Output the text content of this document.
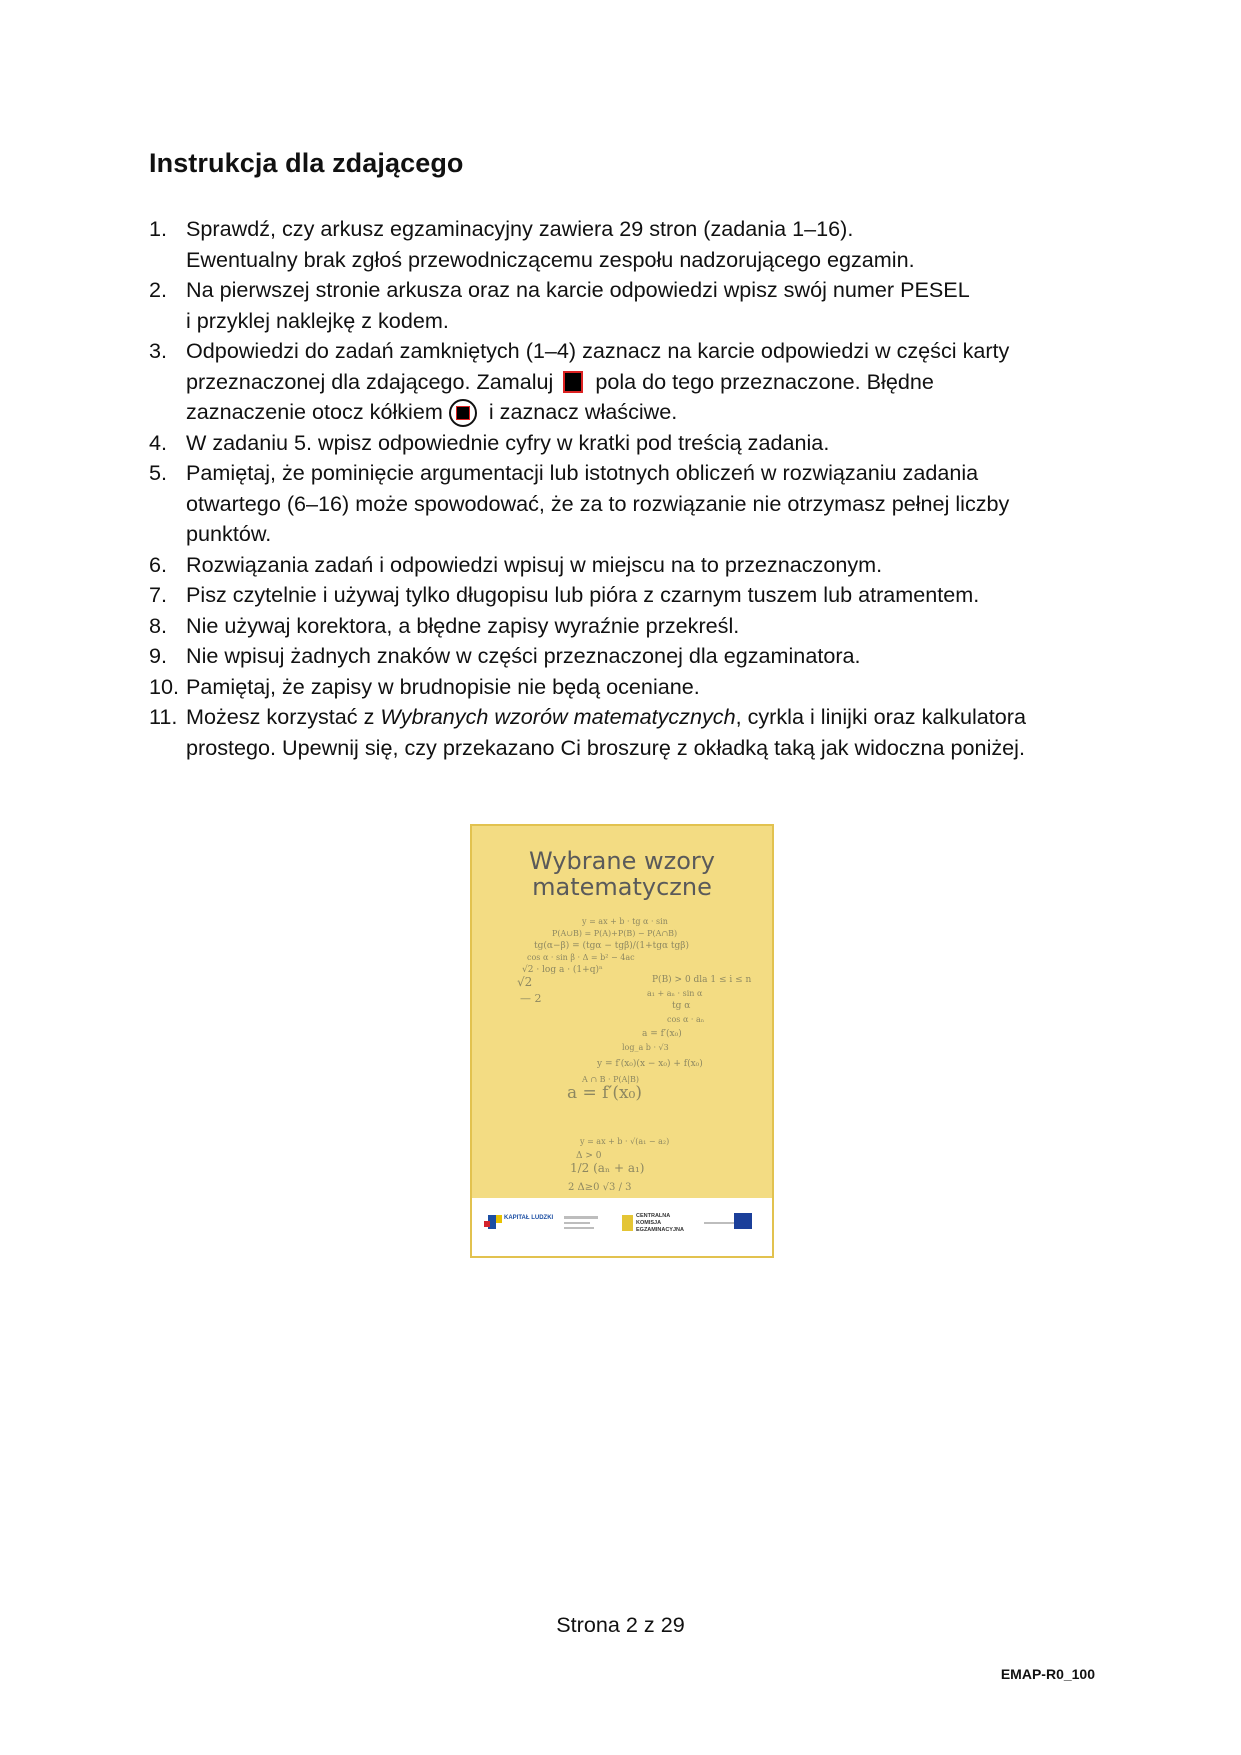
Instrukcja dla zdającego
1. Sprawdź, czy arkusz egzaminacyjny zawiera 29 stron (zadania 1–16).
Ewentualny brak zgłoś przewodniczącemu zespołu nadzorującego egzamin.
2. Na pierwszej stronie arkusza oraz na karcie odpowiedzi wpisz swój numer PESEL
i przyklej naklejkę z kodem.
3. Odpowiedzi do zadań zamkniętych (1–4) zaznacz na karcie odpowiedzi w części karty
przeznaczonej dla zdającego. Zamaluj pola do tego przeznaczone. Błędne
zaznaczenie otocz kółkiem i zaznacz właściwe.
4. W zadaniu 5. wpisz odpowiednie cyfry w kratki pod treścią zadania.
5. Pamiętaj, że pominięcie argumentacji lub istotnych obliczeń w rozwiązaniu zadania
otwartego (6–16) może spowodować, że za to rozwiązanie nie otrzymasz pełnej liczby
punktów.
6. Rozwiązania zadań i odpowiedzi wpisuj w miejscu na to przeznaczonym.
7. Pisz czytelnie i używaj tylko długopisu lub pióra z czarnym tuszem lub atramentem.
8. Nie używaj korektora, a błędne zapisy wyraźnie przekreśl.
9. Nie wpisuj żadnych znaków w części przeznaczonej dla egzaminatora.
10. Pamiętaj, że zapisy w brudnopisie nie będą oceniane.
11. Możesz korzystać z Wybranych wzorów matematycznych, cyrkla i linijki oraz kalkulatora
prostego. Upewnij się, czy przekazano Ci broszurę z okładką taką jak widoczna poniżej.
Wybrane wzory
matematyczne
y = ax + b · tg α · sin
P(A∪B) = P(A)+P(B) − P(A∩B)
tg(α−β) = (tgα − tgβ)/(1+tgα tgβ)
cos α · sin β · Δ = b² − 4ac
√2 · log a · (1+q)ⁿ
√2	P(B) > 0 dla 1 ≤ i ≤ n
a₁ + aₙ · sin α
— 2
tg α
cos α · aₙ
a = f′(x₀)
log_a b · √3
y = f′(x₀)(x − x₀) + f(x₀)
A ∩ B · P(A|B)
a = f′(x₀)
y = ax + b · √(a₁ − a₂)
Δ > 0
1/2 (aₙ + a₁)
2 Δ≥0 √3 / 3
KAPITAŁ LUDZKI	CENTRALNA KOMISJA EGZAMINACYJNA
Strona 2 z 29
EMAP-R0_100
